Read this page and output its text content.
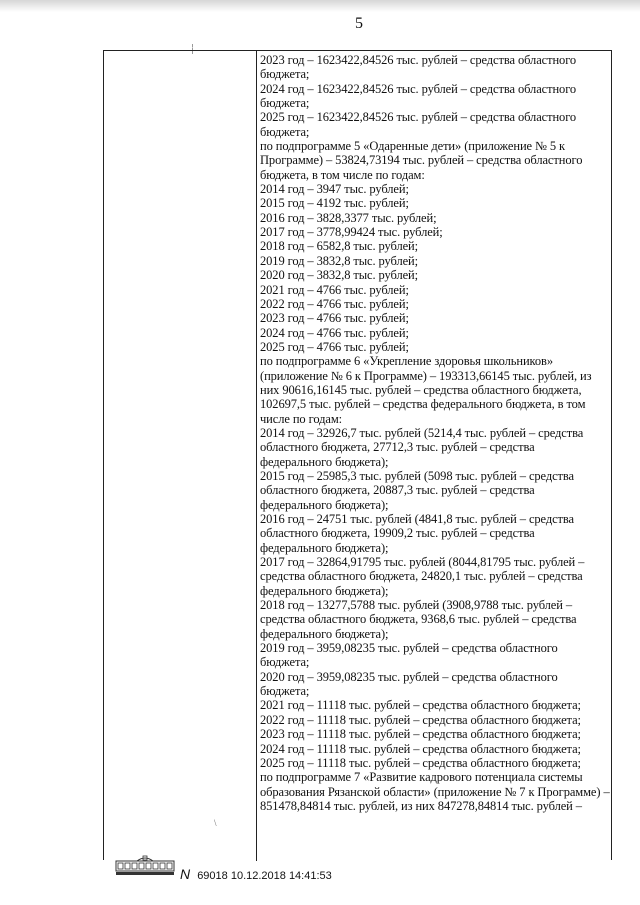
5
2023 год – 1623422,84526 тыс. рублей – средства областного
бюджета;
2024 год – 1623422,84526 тыс. рублей – средства областного
бюджета;
2025 год – 1623422,84526 тыс. рублей – средства областного
бюджета;
по подпрограмме 5 «Одаренные дети» (приложение № 5 к
Программе) – 53824,73194 тыс. рублей – средства областного
бюджета, в том числе по годам:
2014 год – 3947 тыс. рублей;
2015 год – 4192 тыс. рублей;
2016 год – 3828,3377 тыс. рублей;
2017 год – 3778,99424 тыс. рублей;
2018 год – 6582,8 тыс. рублей;
2019 год – 3832,8 тыс. рублей;
2020 год – 3832,8 тыс. рублей;
2021 год – 4766 тыс. рублей;
2022 год – 4766 тыс. рублей;
2023 год – 4766 тыс. рублей;
2024 год – 4766 тыс. рублей;
2025 год – 4766 тыс. рублей;
по подпрограмме 6 «Укрепление здоровья школьников»
(приложение № 6 к Программе) – 193313,66145 тыс. рублей, из
них 90616,16145 тыс. рублей – средства областного бюджета,
102697,5 тыс. рублей – средства федерального бюджета, в том
числе по годам:
2014 год – 32926,7 тыс. рублей (5214,4 тыс. рублей – средства
областного бюджета, 27712,3 тыс. рублей – средства
федерального бюджета);
2015 год – 25985,3 тыс. рублей (5098 тыс. рублей – средства
областного бюджета, 20887,3 тыс. рублей – средства
федерального бюджета);
2016 год – 24751 тыс. рублей (4841,8 тыс. рублей – средства
областного бюджета, 19909,2 тыс. рублей – средства
федерального бюджета);
2017 год – 32864,91795 тыс. рублей (8044,81795 тыс. рублей –
средства областного бюджета, 24820,1 тыс. рублей – средства
федерального бюджета);
2018 год – 13277,5788 тыс. рублей (3908,9788 тыс. рублей –
средства областного бюджета, 9368,6 тыс. рублей – средства
федерального бюджета);
2019 год – 3959,08235 тыс. рублей – средства областного
бюджета;
2020 год – 3959,08235 тыс. рублей – средства областного
бюджета;
2021 год – 11118 тыс. рублей – средства областного бюджета;
2022 год – 11118 тыс. рублей – средства областного бюджета;
2023 год – 11118 тыс. рублей – средства областного бюджета;
2024 год – 11118 тыс. рублей – средства областного бюджета;
2025 год – 11118 тыс. рублей – средства областного бюджета;
по подпрограмме 7 «Развитие кадрового потенциала системы
образования Рязанской области» (приложение № 7 к Программе) –
851478,84814 тыс. рублей, из них 847278,84814 тыс. рублей –
\
N 69018 10.12.2018 14:41:53
